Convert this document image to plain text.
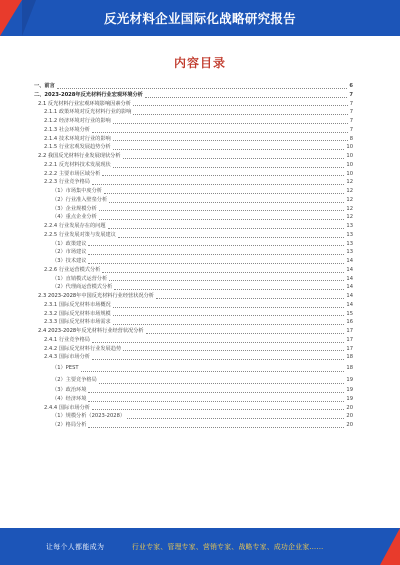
反光材料企业国际化战略研究报告
内容目录
一、前言	6
二、2023-2028年反光材料行业宏观环境分析	7
2.1 反光材料行业宏观环境影响因素分析	7
2.1.1 政策环境对反光材料行业的影响	7
2.1.2 经济环境对行业的影响	7
2.1.3 社会环境分析	7
2.1.4 技术环境对行业的影响	8
2.1.5 行业宏观发展趋势分析	10
2.2 我国反光材料行业发展现状分析	10
2.2.1 反光材料技术发展现状	10
2.2.2 主要市场区域分析	10
2.2.3 行业竞争格局	12
（1）市场集中度分析	12
（2）行业准入壁垒分析	12
（3）企业规模分析	12
（4）重点企业分析	12
2.2.4 行业发展存在的问题	13
2.2.5 行业发展对策与发展建议	13
（1）政策建议	13
（2）市场建议	13
（3）技术建议	14
2.2.6 行业运营模式分析	14
（1）直销模式运营分析	14
（2）代理商运营模式分析	14
2.3 2023-2028年中国反光材料行业经营状况分析	14
2.3.1 国际反光材料市场概况	14
2.3.2 国际反光材料市场规模	15
2.3.3 国际反光材料市场需求	16
2.4 2023-2028年反光材料行业经营状况分析	17
2.4.1 行业竞争格局	17
2.4.2 国际反光材料行业发展趋势	17
2.4.3 国际市场分析	18
（1）PEST	18
（2）主要竞争格局	19
（3）政治环境	19
（4）经济环境	19
2.4.4 国际市场分析	20
（1）规模分析（2023-2028）	20
（2）格局分析	20
让每个人都能成为	行业专家、管理专家、营销专家、战略专家、成功企业家……
